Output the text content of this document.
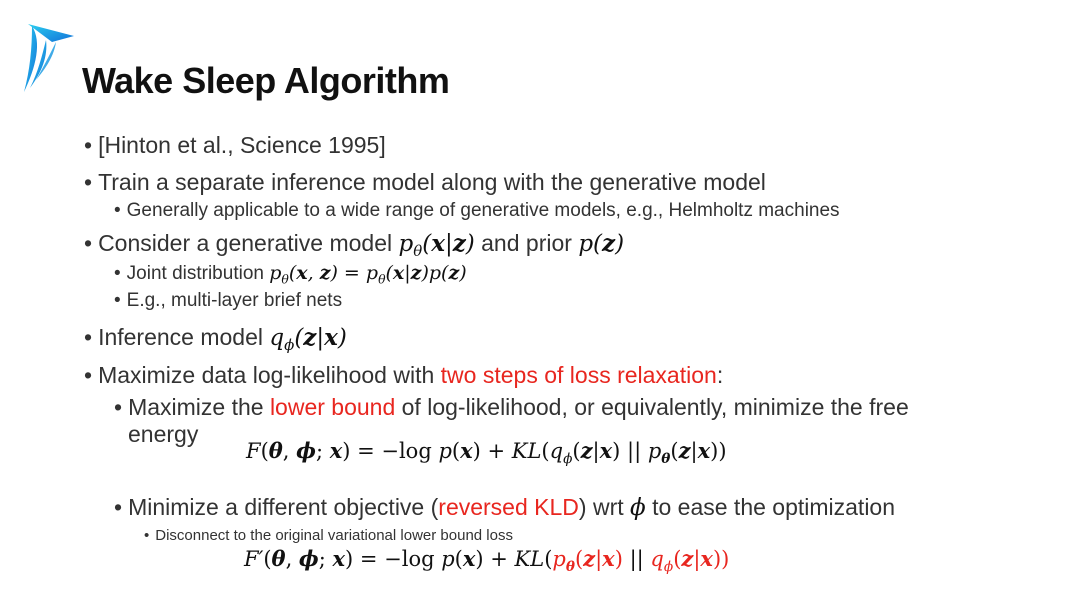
Wake Sleep Algorithm
• [Hinton et al., Science 1995]
• Train a separate inference model along with the generative model
• Generally applicable to a wide range of generative models, e.g., Helmholtz machines
• Consider a generative model $p_\theta(x|z)$ and prior p(z)
• Joint distribution $p_\theta(x$, $z) = p_\theta(x|z)p(z)$
• E.g., multi-layer brief nets
• Inference model $q_\phi(z|x)$
• Maximize data log-likelihood with two steps of loss relaxation:
• Maximize the lower bound of log-likelihood, or equivalently, minimize the free
energy
F(θ, ϕ; x) = −log $p(x) + KL(q_\phi(z|x)$ || $p_\theta(z|x)$)
• Minimize a different objective (reversed KLD) wrt ϕ to ease the optimization
• Disconnect to the original variational lower bound loss
F′(θ, ϕ; x) = −log $p(x) + KL(p_\theta(z|x)$ || $q_\phi(z|x)$)
